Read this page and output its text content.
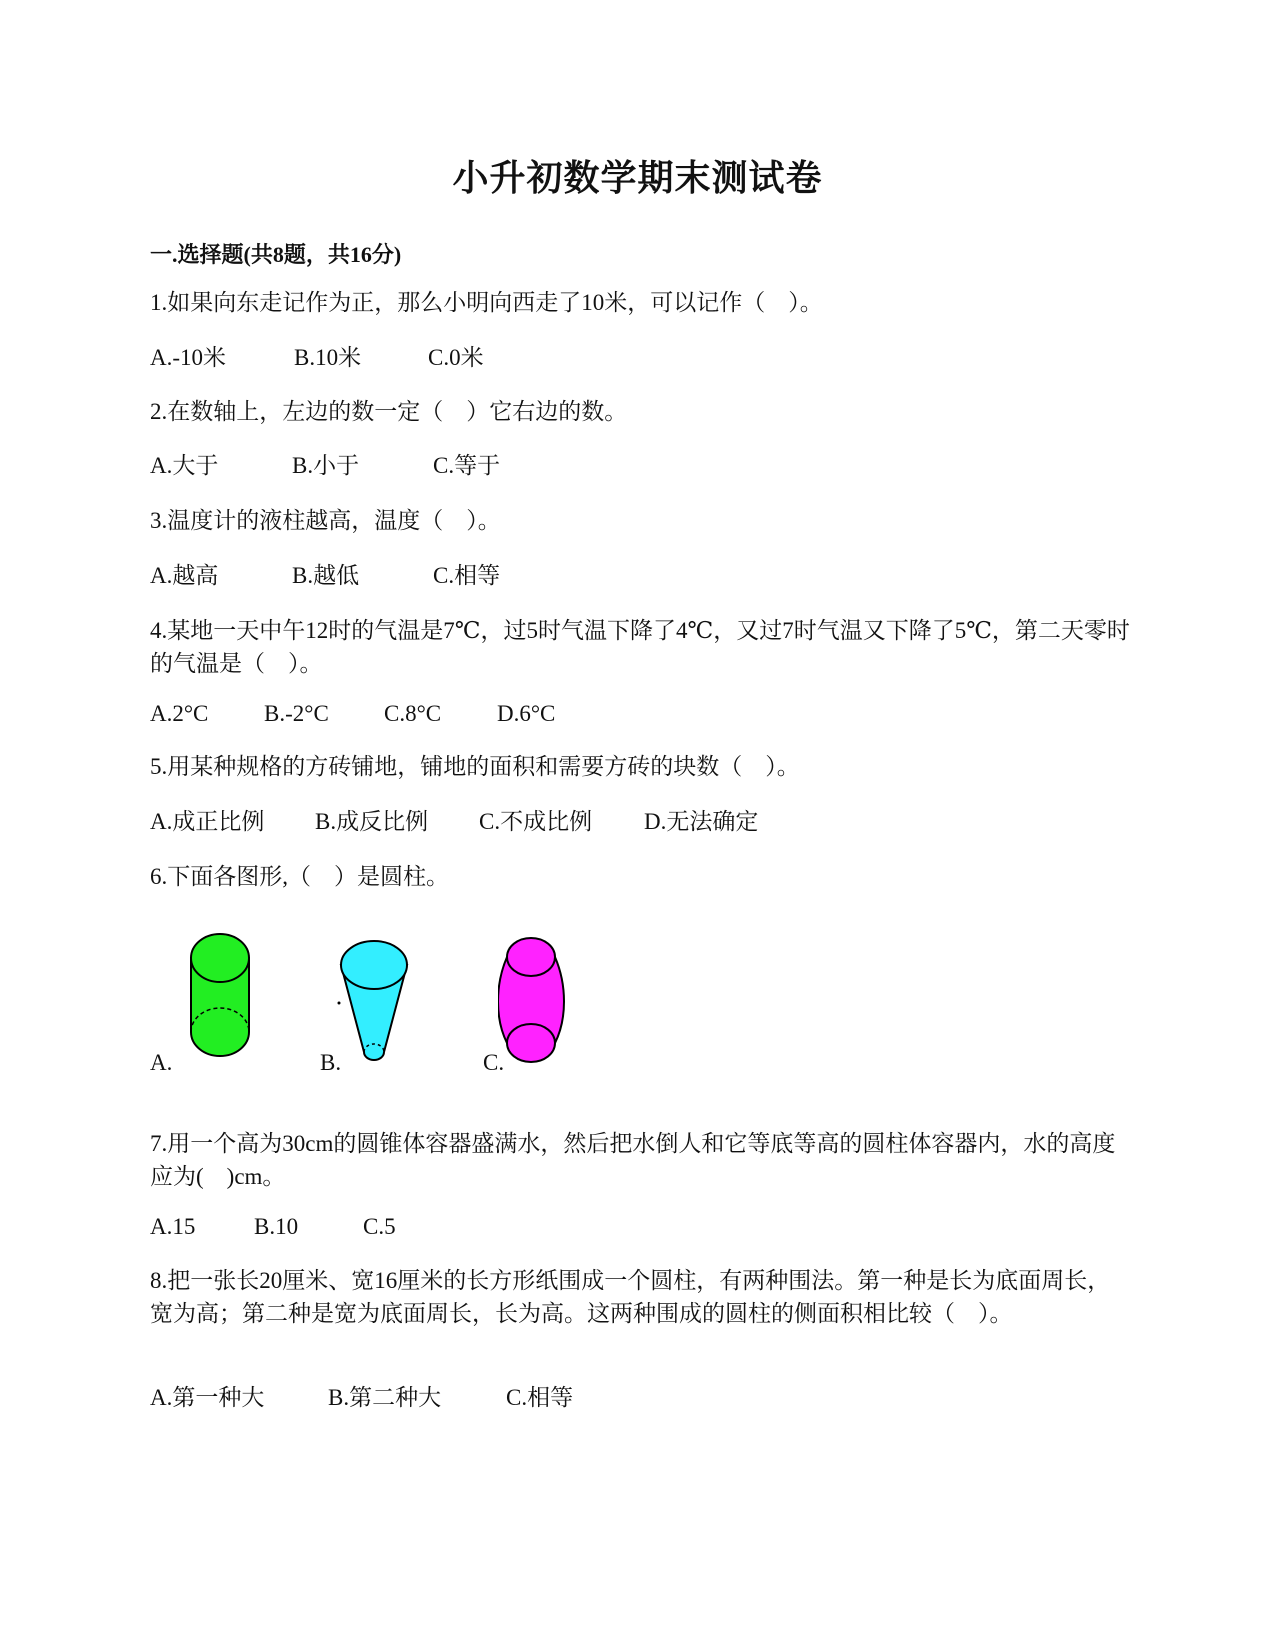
小升初数学期末测试卷
一.选择题(共8题，共16分)
1.如果向东走记作为正，那么小明向西走了10米，可以记作（　）。
A.-10米	B.10米	C.0米
2.在数轴上，左边的数一定（　）它右边的数。
A.大于	B.小于	C.等于
3.温度计的液柱越高，温度（　）。
A.越高	B.越低	C.相等
4.某地一天中午12时的气温是7℃，过5时气温下降了4℃，又过7时气温又下降了5℃，第二天零时的气温是（　）。
A.2°C B.-2°C C.8°C D.6°C
5.用某种规格的方砖铺地，铺地的面积和需要方砖的块数（　）。
A.成正比例 B.成反比例 C.不成比例 D.无法确定
6.下面各图形,（　）是圆柱。
A.	B.	C.
7.用一个高为30cm的圆锥体容器盛满水，然后把水倒人和它等底等高的圆柱体容器内，水的高度应为(　)cm。
A.15	B.10	C.5
8.把一张长20厘米、宽16厘米的长方形纸围成一个圆柱，有两种围法。第一种是长为底面周长，宽为高；第二种是宽为底面周长，长为高。这两种围成的圆柱的侧面积相比较（　）。
A.第一种大	B.第二种大	C.相等
